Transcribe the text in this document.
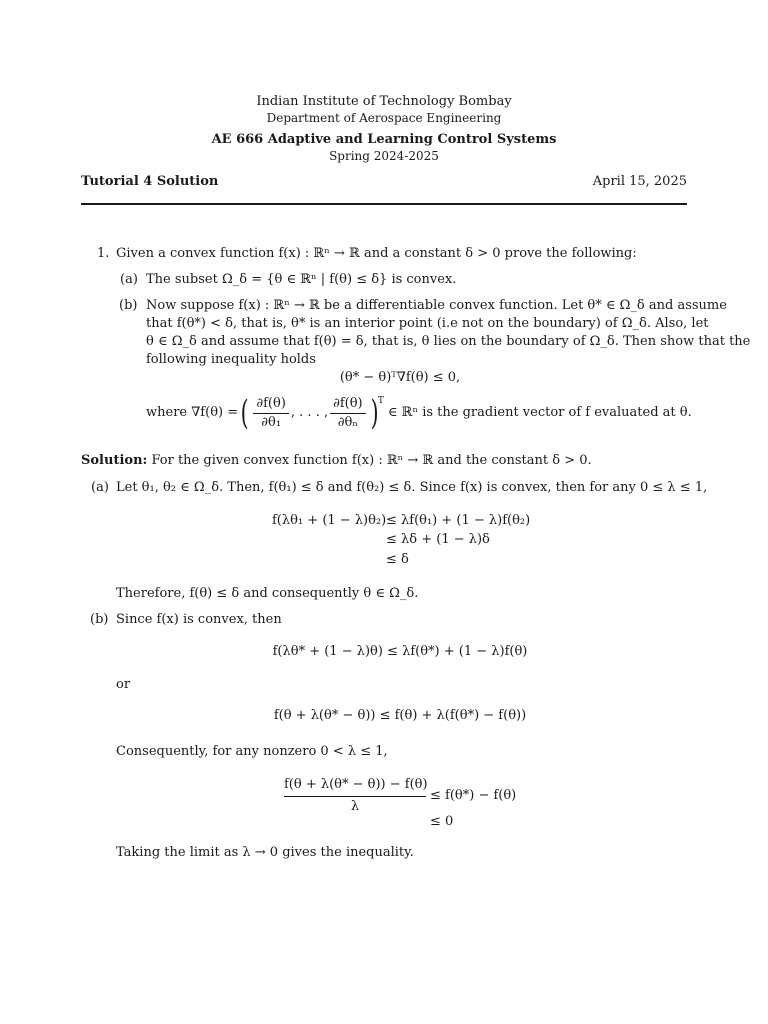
Indian Institute of Technology Bombay
Department of Aerospace Engineering
AE 666 Adaptive and Learning Control Systems
Spring 2024-2025
Tutorial 4 Solution	April 15, 2025
1. Given a convex function f(x) : ℝⁿ → ℝ and a constant δ > 0 prove the following:
(a) The subset Ω_δ = {θ ∈ ℝⁿ | f(θ) ≤ δ} is convex.
(b) Now suppose f(x) : ℝⁿ → ℝ be a differentiable convex function. Let θ* ∈ Ω_δ and assume
that f(θ*) < δ, that is, θ* is an interior point (i.e not on the boundary) of Ω_δ. Also, let
θ ∈ Ω_δ and assume that f(θ) = δ, that is, θ lies on the boundary of Ω_δ. Then show that the
following inequality holds
(θ* − θ)ᵀ∇f(θ) ≤ 0,
where ∇f(θ) = ( $\frac{\partial f(\theta)}{\text{∂θ₁}}$ , . . . , $\frac{\partial f(\theta)}{\text{∂θₙ}}$ ) T
∈ ℝⁿ is the gradient vector of f evaluated at θ.
Solution: For the given convex function f(x) : ℝⁿ → ℝ and the constant δ > 0.
(a) Let θ₁, θ₂ ∈ Ω_δ. Then, f(θ₁) ≤ δ and f(θ₂) ≤ δ. Since f(x) is convex, then for any 0 ≤ λ ≤ 1,
f(λθ₁ + (1 − λ)θ₂) ≤ λf(θ₁) + (1 − λ)f(θ₂)
≤ λδ + (1 − λ)δ
≤ δ
Therefore, f(θ) ≤ δ and consequently θ ∈ Ω_δ.
(b) Since f(x) is convex, then
f(λθ* + (1 − λ)θ) ≤ λf(θ*) + (1 − λ)f(θ)
or
f(θ + λ(θ* − θ)) ≤ f(θ) + λ(f(θ*) − f(θ))
Consequently, for any nonzero 0 < λ ≤ 1,
$\frac{f(\theta + \lambda(\theta* - \theta)) - f(\theta)}{\lambda} \le f(\theta*) - f(\theta)$
≤ 0
Taking the limit as λ → 0 gives the inequality.
